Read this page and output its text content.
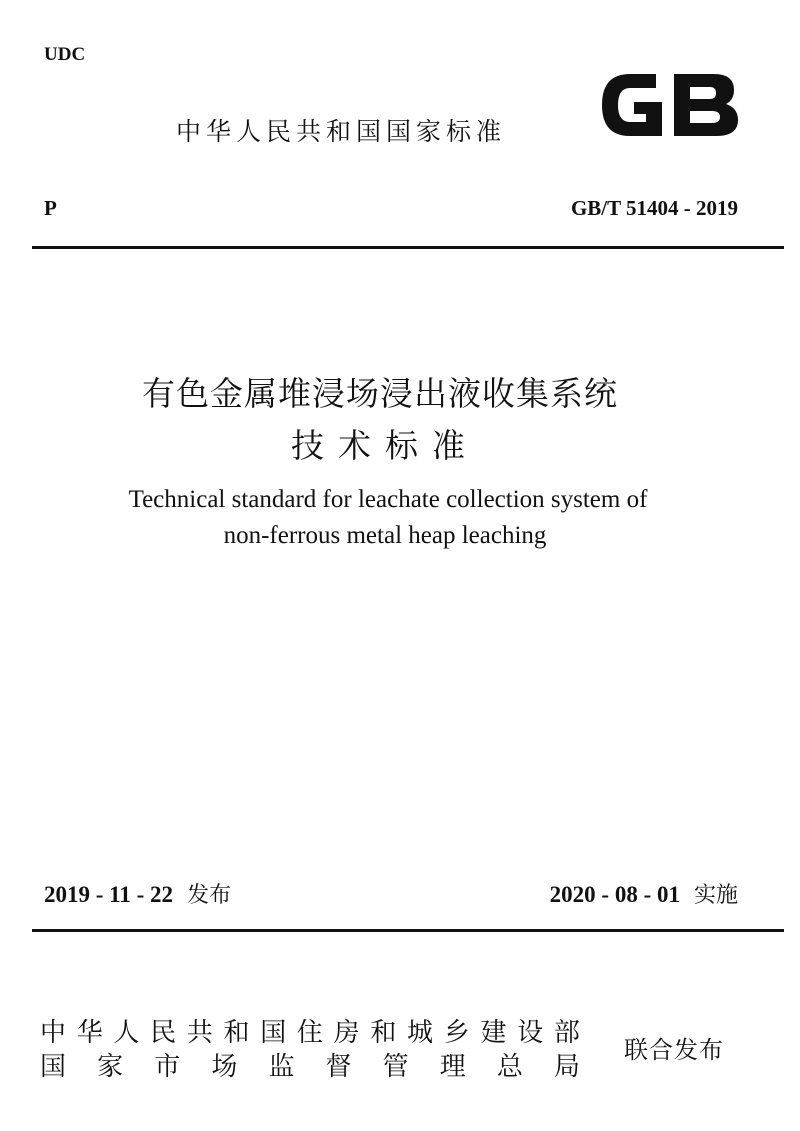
UDC
中华人民共和国国家标准
P	GB/T 51404 - 2019
有色金属堆浸场浸出液收集系统
技术标准
Technical standard for leachate collection system of
non-ferrous metal heap leaching
2019 - 11 - 22 发布	2020 - 08 - 01 实施
中 华 人 民 共 和 国 住 房 和 城 乡 建 设 部
国 家 市 场 监 督 管 理 总 局
联合发布
